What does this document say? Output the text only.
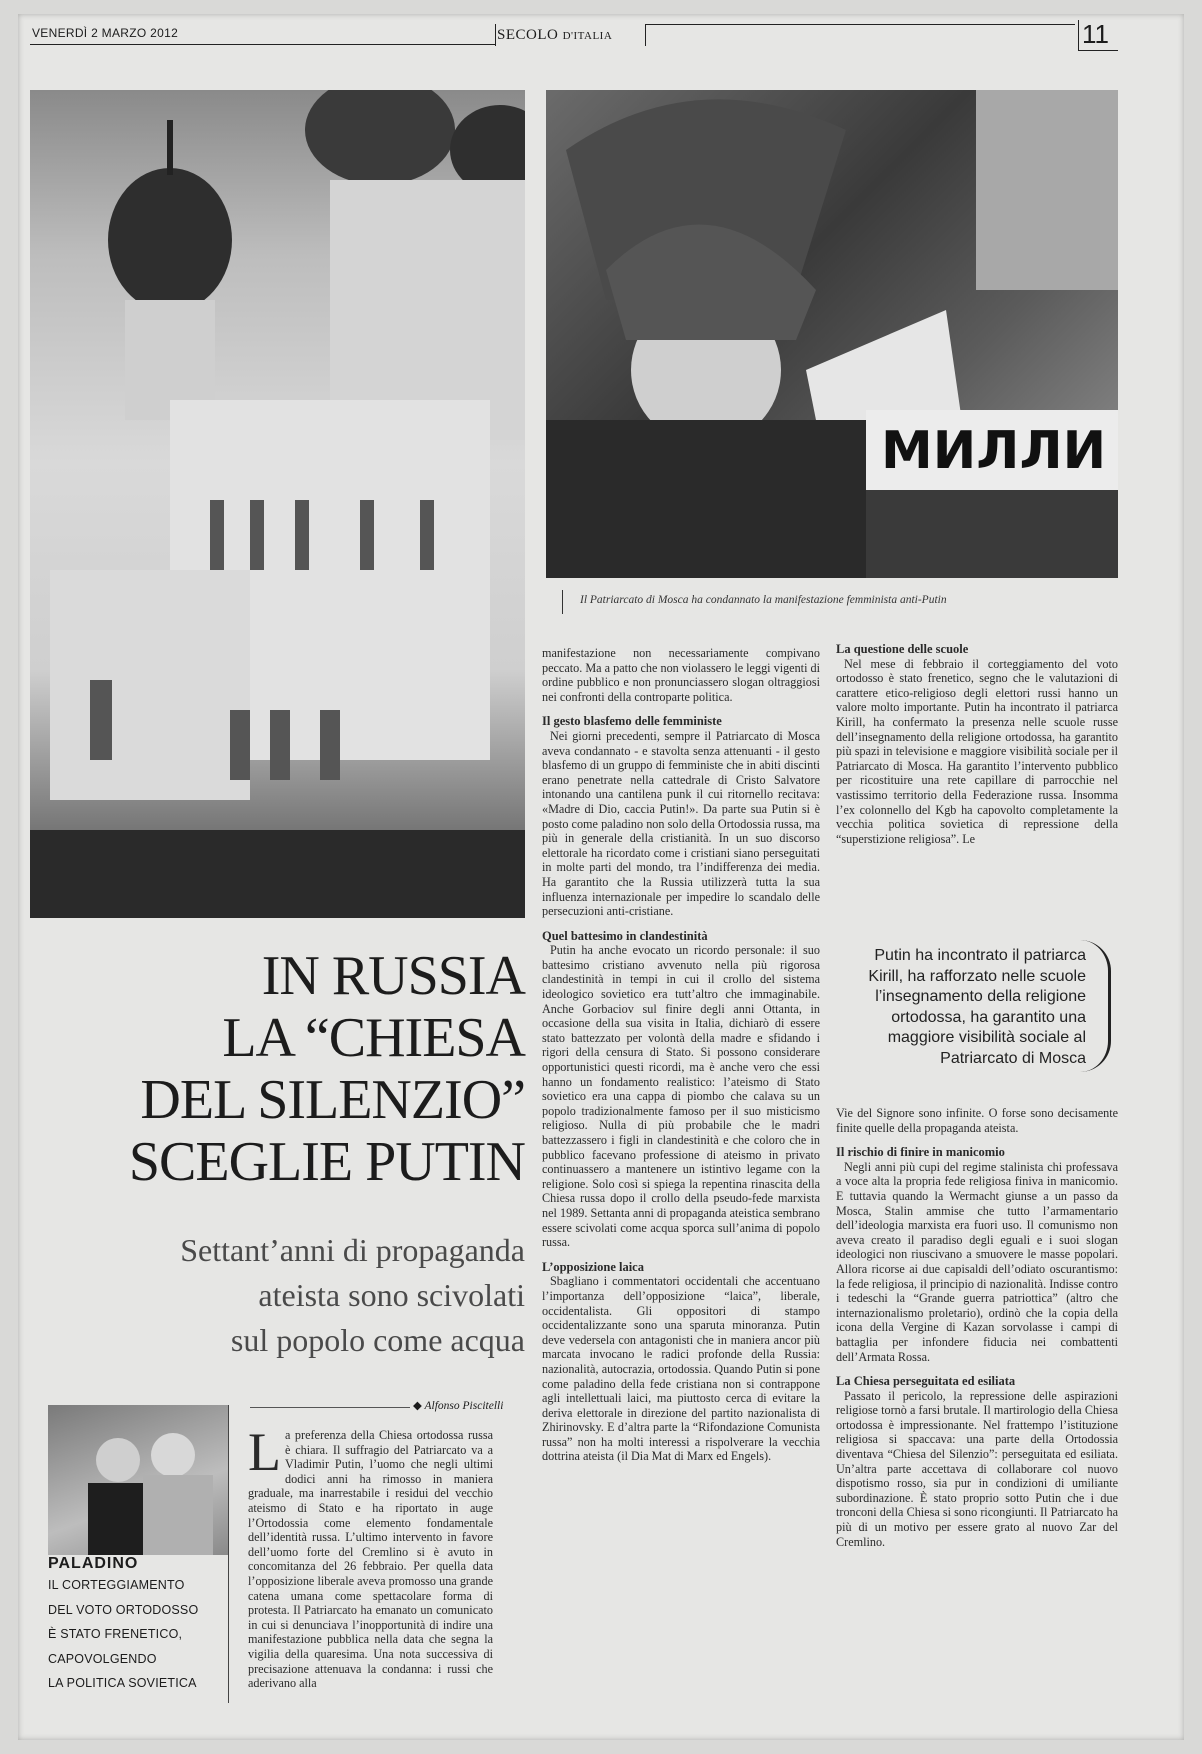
VENERDÌ 2 MARZO 2012	SECOLO D'ITALIA	11
МИЛЛИ
Il Patriarcato di Mosca ha condannato la manifestazione femminista anti-Putin
IN RUSSIA
LA “CHIESA
DEL SILENZIO”
SCEGLIE PUTIN
Settant’anni di propaganda
ateista sono scivolati
sul popolo come acqua
◆ Alfonso Piscitelli
PALADINO
IL CORTEGGIAMENTO
DEL VOTO ORTODOSSO
È STATO FRENETICO,
CAPOVOLGENDO
LA POLITICA SOVIETICA
L a preferenza della Chiesa ortodossa russa è chiara. Il suffragio del Patriarcato va a Vladimir Putin, l’uomo che negli ultimi dodici anni ha rimosso in maniera graduale, ma inarrestabile i residui del vecchio ateismo di Stato e ha riportato in auge l’Ortodossia come elemento fondamentale dell’identità russa. L’ultimo intervento in favore dell’uomo forte del Cremlino si è avuto in concomitanza del 26 febbraio. Per quella data l’opposizione liberale aveva promosso una grande catena umana come spettacolare forma di protesta. Il Patriarcato ha emanato un comunicato in cui si denunciava l’inopportunità di indire una manifestazione pubblica nella data che segna la vigilia della quaresima. Una nota successiva di precisazione attenuava la condanna: i russi che aderivano alla

manifestazione non necessariamente compivano peccato. Ma a patto che non violassero le leggi vigenti di ordine pubblico e non pronunciassero slogan oltraggiosi nei confronti della controparte politica.

Il gesto blasfemo delle femministe

Nei giorni precedenti, sempre il Patriarcato di Mosca aveva condannato - e stavolta senza attenuanti - il gesto blasfemo di un gruppo di femministe che in abiti discinti erano penetrate nella cattedrale di Cristo Salvatore intonando una cantilena punk il cui ritornello recitava: «Madre di Dio, caccia Putin!». Da parte sua Putin si è posto come paladino non solo della Ortodossia russa, ma più in generale della cristianità. In un suo discorso elettorale ha ricordato come i cristiani siano perseguitati in molte parti del mondo, tra l’indifferenza dei media. Ha garantito che la Russia utilizzerà tutta la sua influenza internazionale per impedire lo scandalo delle persecuzioni anti-cristiane.

Quel battesimo in clandestinità

Putin ha anche evocato un ricordo personale: il suo battesimo cristiano avvenuto nella più rigorosa clandestinità in tempi in cui il crollo del sistema ideologico sovietico era tutt’altro che immaginabile. Anche Gorbaciov sul finire degli anni Ottanta, in occasione della sua visita in Italia, dichiarò di essere stato battezzato per volontà della madre e sfidando i rigori della censura di Stato. Si possono considerare opportunistici questi ricordi, ma è anche vero che essi hanno un fondamento realistico: l’ateismo di Stato sovietico era una cappa di piombo che calava su un popolo tradizionalmente famoso per il suo misticismo religioso. Nulla di più probabile che le madri battezzassero i figli in clandestinità e che coloro che in pubblico facevano professione di ateismo in privato continuassero a mantenere un istintivo legame con la religione. Solo così si spiega la repentina rinascita della Chiesa russa dopo il crollo della pseudo-fede marxista nel 1989. Settanta anni di propaganda ateistica sembrano essere scivolati come acqua sporca sull’anima di popolo russa.

L’opposizione laica

Sbagliano i commentatori occidentali che accentuano l’importanza dell’opposizione “laica”, liberale, occidentalista. Gli oppositori di stampo occidentalizzante sono una sparuta minoranza. Putin deve vedersela con antagonisti che in maniera ancor più marcata invocano le radici profonde della Russia: nazionalità, autocrazia, ortodossia. Quando Putin si pone come paladino della fede cristiana non si contrappone agli intellettuali laici, ma piuttosto cerca di evitare la deriva elettorale in direzione del partito nazionalista di Zhirinovsky. E d’altra parte la “Rifondazione Comunista russa” non ha molti interessi a rispolverare la vecchia dottrina ateista (il Dia Mat di Marx ed Engels).

La questione delle scuole

Nel mese di febbraio il corteggiamento del voto ortodosso è stato frenetico, segno che le valutazioni di carattere etico-religioso degli elettori russi hanno un valore molto importante. Putin ha incontrato il patriarca Kirill, ha confermato la presenza nelle scuole russe dell’insegnamento della religione ortodossa, ha garantito più spazi in televisione e maggiore visibilità sociale per il Patriarcato di Mosca. Ha garantito l’intervento pubblico per ricostituire una rete capillare di parrocchie nel vastissimo territorio della Federazione russa. Insomma l’ex colonnello del Kgb ha capovolto completamente la vecchia politica sovietica di repressione della “superstizione religiosa”. Le

Putin ha incontrato il patriarca Kirill, ha rafforzato nelle scuole l’insegnamento della religione ortodossa, ha garantito una maggiore visibilità sociale al Patriarcato di Mosca

Vie del Signore sono infinite. O forse sono decisamente finite quelle della propaganda ateista.

Il rischio di finire in manicomio

Negli anni più cupi del regime stalinista chi professava a voce alta la propria fede religiosa finiva in manicomio. E tuttavia quando la Wermacht giunse a un passo da Mosca, Stalin ammise che tutto l’armamentario dell’ideologia marxista era fuori uso. Il comunismo non aveva creato il paradiso degli eguali e i suoi slogan ideologici non riuscivano a smuovere le masse popolari. Allora ricorse ai due capisaldi dell’odiato oscurantismo: la fede religiosa, il principio di nazionalità. Indisse contro i tedeschi la “Grande guerra patriottica” (altro che internazionalismo proletario), ordinò che la copia della icona della Vergine di Kazan sorvolasse i campi di battaglia per infondere fiducia nei combattenti dell’Armata Rossa.

La Chiesa perseguitata ed esiliata

Passato il pericolo, la repressione delle aspirazioni religiose tornò a farsi brutale. Il martirologio della Chiesa ortodossa è impressionante. Nel frattempo l’istituzione religiosa si spaccava: una parte della Ortodossia diventava “Chiesa del Silenzio”: perseguitata ed esiliata. Un’altra parte accettava di collaborare col nuovo dispotismo rosso, sia pur in condizioni di umiliante subordinazione. È stato proprio sotto Putin che i due tronconi della Chiesa si sono ricongiunti. Il Patriarcato ha più di un motivo per essere grato al nuovo Zar del Cremlino.
